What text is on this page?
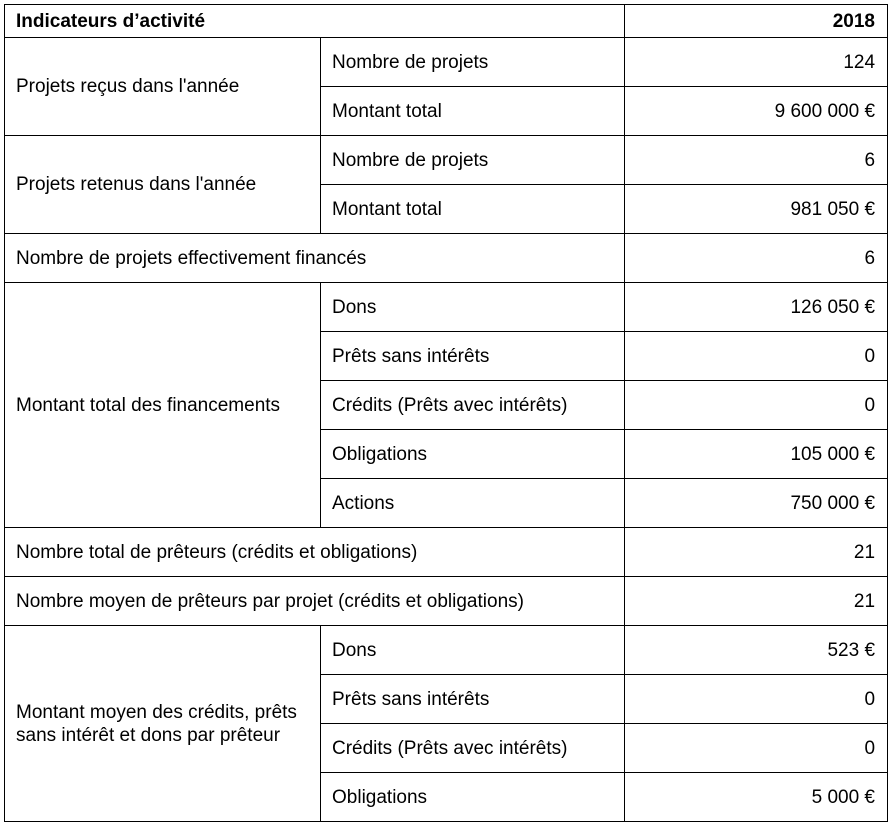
Indicateurs d’activité		2018
Projets reçus dans l'année	Nombre de projets	124
	Montant total	9 600 000 €
Projets retenus dans l'année	Nombre de projets	6
	Montant total	981 050 €
Nombre de projets effectivement financés		6
Montant total des financements	Dons	126 050 €
	Prêts sans intérêts	0
	Crédits (Prêts avec intérêts)	0
	Obligations	105 000 €
	Actions	750 000 €
Nombre total de prêteurs (crédits et obligations)		21
Nombre moyen de prêteurs par projet (crédits et obligations)		21
Montant moyen des crédits, prêts sans intérêt et dons par prêteur	Dons	523 €
	Prêts sans intérêts	0
	Crédits (Prêts avec intérêts)	0
	Obligations	5 000 €
